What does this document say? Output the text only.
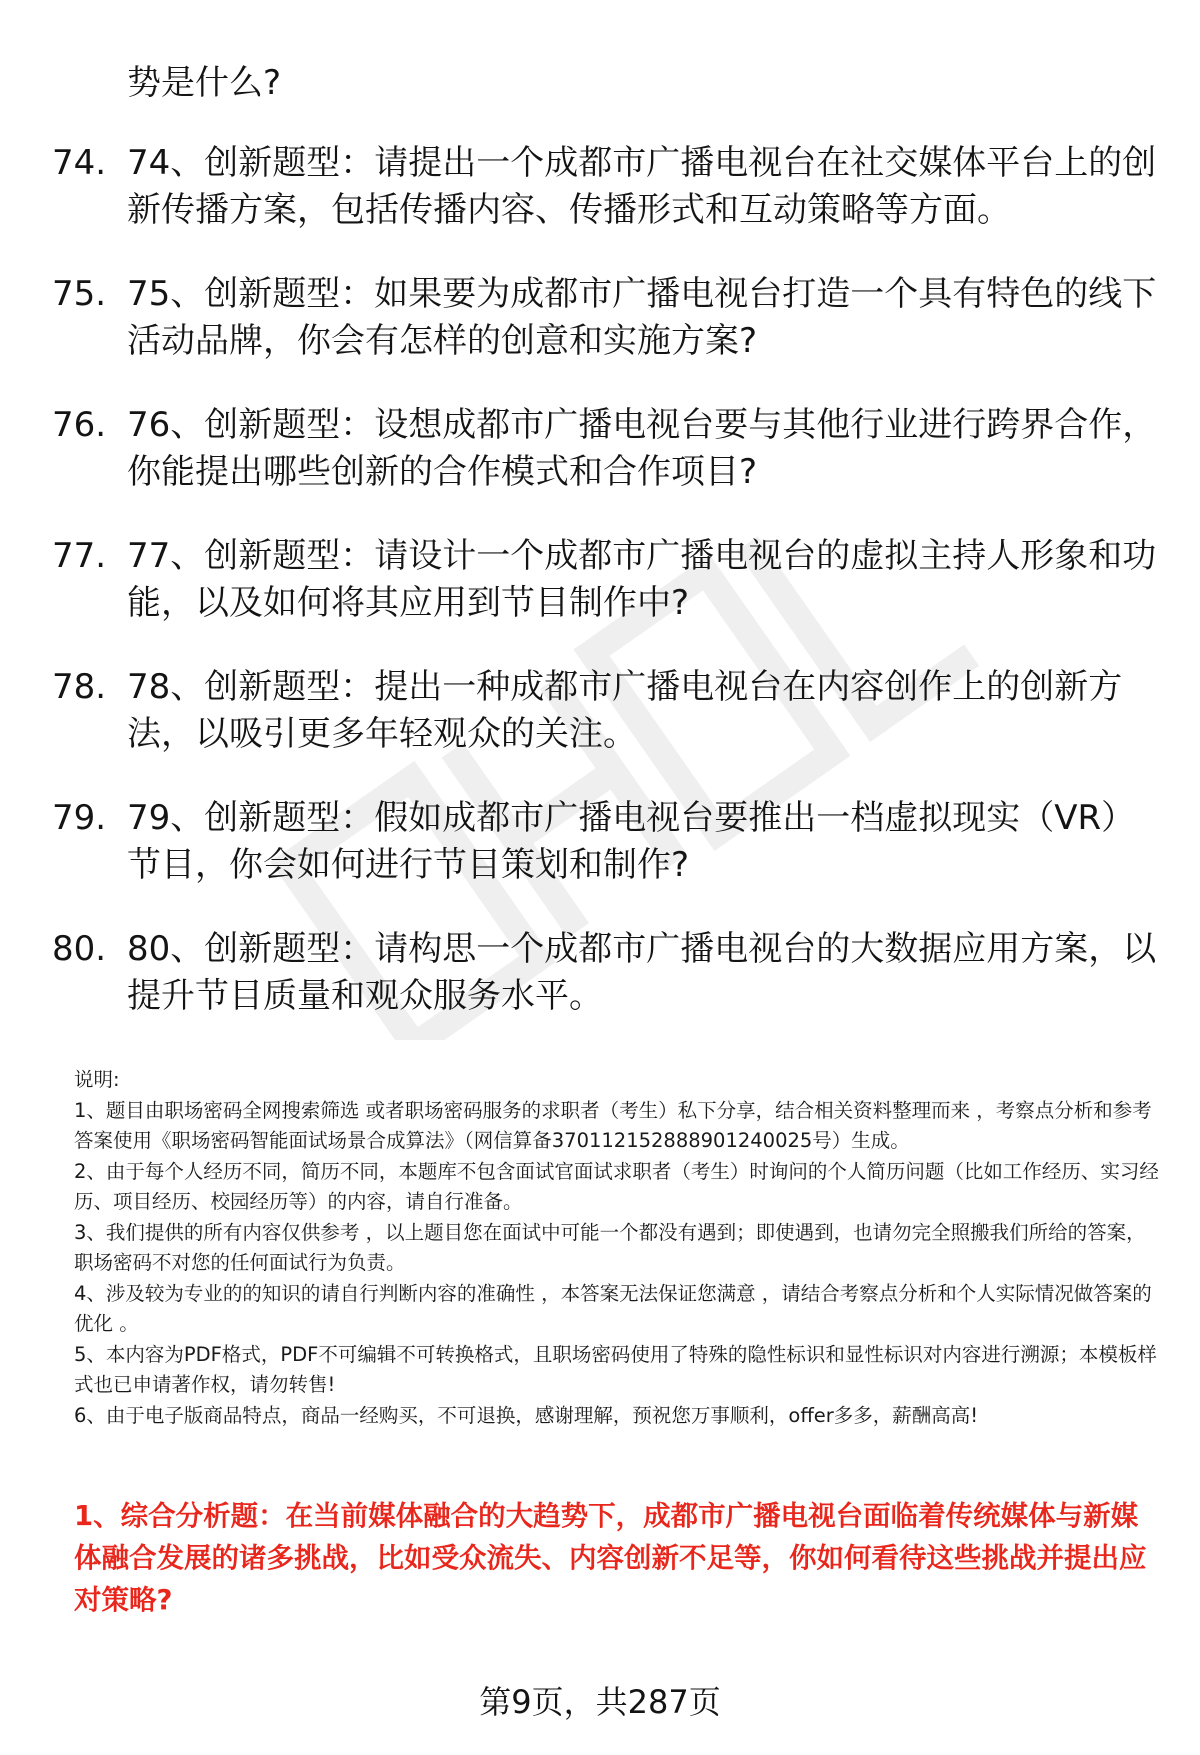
势是什么?

74. 74、创新题型：请提出一个成都市广播电视台在社交媒体平台上的创新传播方案，包括传播内容、传播形式和互动策略等方面。
75. 75、创新题型：如果要为成都市广播电视台打造一个具有特色的线下活动品牌，你会有怎样的创意和实施方案?
76. 76、创新题型：设想成都市广播电视台要与其他行业进行跨界合作，你能提出哪些创新的合作模式和合作项目?
77. 77、创新题型：请设计一个成都市广播电视台的虚拟主持人形象和功能，以及如何将其应用到节目制作中?
78. 78、创新题型：提出一种成都市广播电视台在内容创作上的创新方法，以吸引更多年轻观众的关注。
79. 79、创新题型：假如成都市广播电视台要推出一档虚拟现实（VR）节目，你会如何进行节目策划和制作?
80. 80、创新题型：请构思一个成都市广播电视台的大数据应用方案，以提升节目质量和观众服务水平。

说明:

1、题目由职场密码全网搜索筛选 或者职场密码服务的求职者（考生）私下分享，结合相关资料整理而来 ，考察点分析和参考答案使用《职场密码智能面试场景合成算法》（网信算备370112152888901240025号）生成。

2、由于每个人经历不同，简历不同，本题库不包含面试官面试求职者（考生）时询问的个人简历问题（比如工作经历、实习经历、项目经历、校园经历等）的内容，请自行准备。

3、我们提供的所有内容仅供参考 ，以上题目您在面试中可能一个都没有遇到；即使遇到，也请勿完全照搬我们所给的答案，职场密码不对您的任何面试行为负责。

4、涉及较为专业的的知识的请自行判断内容的准确性 ，本答案无法保证您满意 ，请结合考察点分析和个人实际情况做答案的优化 。

5、本内容为PDF格式，PDF不可编辑不可转换格式，且职场密码使用了特殊的隐性标识和显性标识对内容进行溯源；本模板样式也已申请著作权，请勿转售!

6、由于电子版商品特点，商品一经购买，不可退换，感谢理解，预祝您万事顺利，offer多多，薪酬高高!

1、综合分析题：在当前媒体融合的大趋势下，成都市广播电视台面临着传统媒体与新媒体融合发展的诸多挑战，比如受众流失、内容创新不足等，你如何看待这些挑战并提出应对策略?

第9页，共287页
